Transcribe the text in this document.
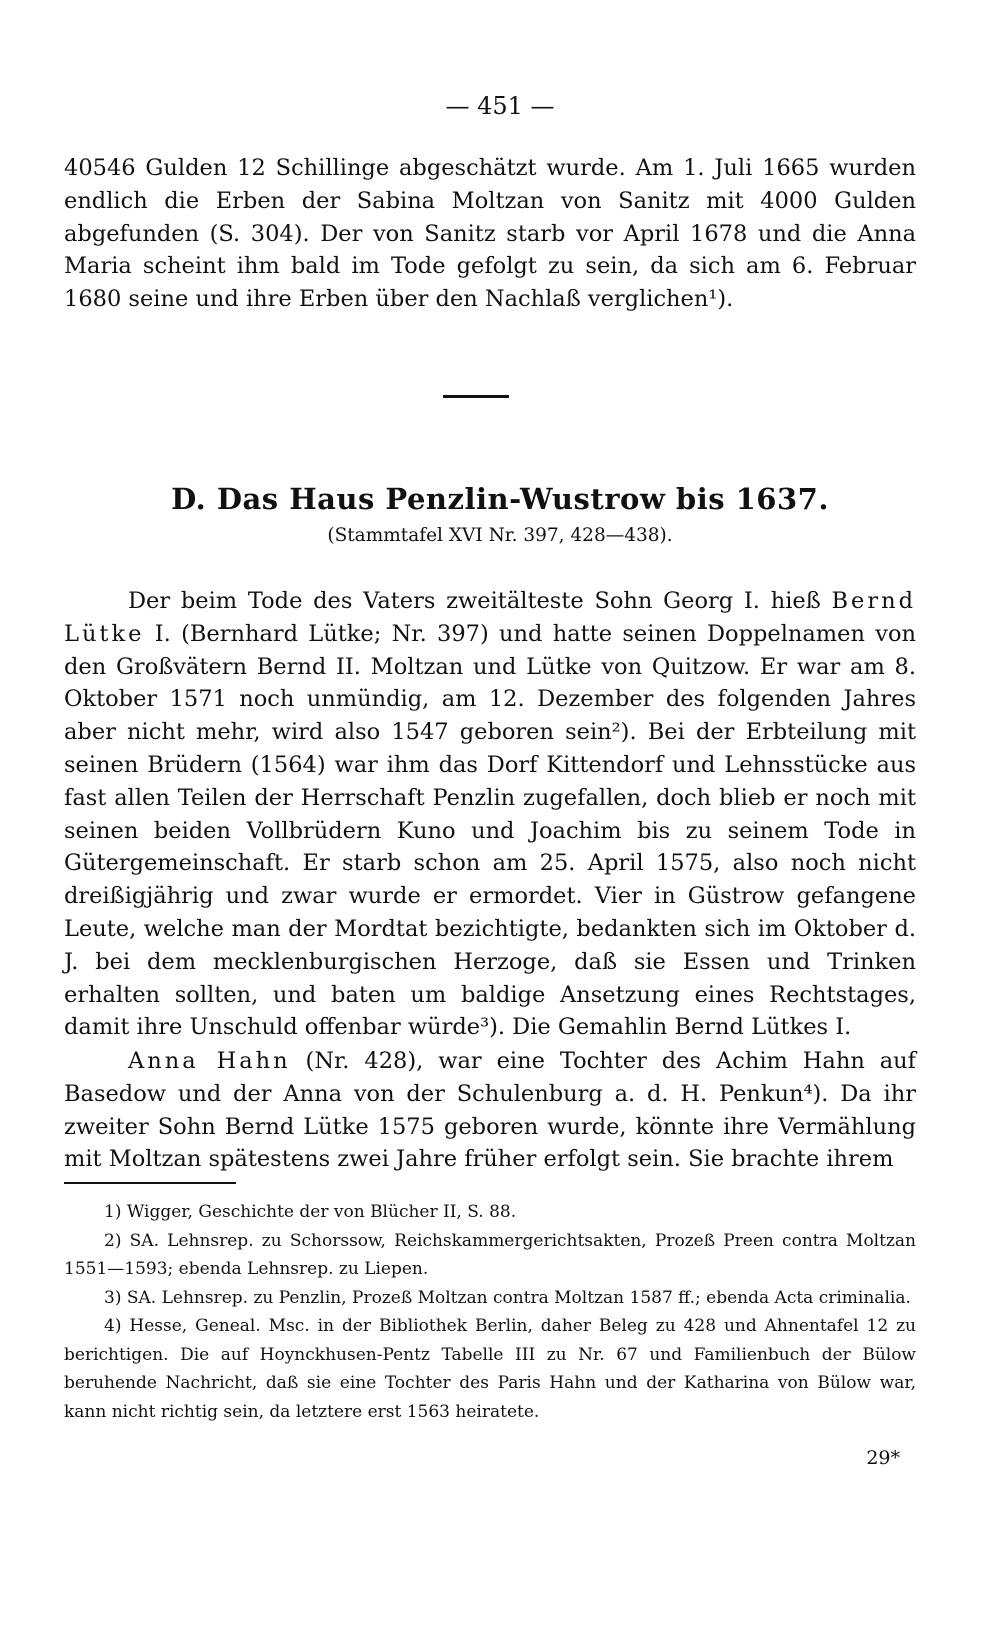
— 451 —

40546 Gulden 12 Schillinge abgeschätzt wurde. Am 1. Juli 1665 wurden endlich die Erben der Sabina Moltzan von Sanitz mit 4000 Gulden abgefunden (S. 304). Der von Sanitz starb vor April 1678 und die Anna Maria scheint ihm bald im Tode gefolgt zu sein, da sich am 6. Februar 1680 seine und ihre Erben über den Nachlaß verglichen¹).

D. Das Haus Penzlin-Wustrow bis 1637.
(Stammtafel XVI Nr. 397, 428—438).

Der beim Tode des Vaters zweitälteste Sohn Georg I. hieß Bernd Lütke I. (Bernhard Lütke; Nr. 397) und hatte seinen Doppelnamen von den Großvätern Bernd II. Moltzan und Lütke von Quitzow. Er war am 8. Oktober 1571 noch unmündig, am 12. Dezember des folgenden Jahres aber nicht mehr, wird also 1547 geboren sein²). Bei der Erbteilung mit seinen Brüdern (1564) war ihm das Dorf Kittendorf und Lehnsstücke aus fast allen Teilen der Herrschaft Penzlin zugefallen, doch blieb er noch mit seinen beiden Vollbrüdern Kuno und Joachim bis zu seinem Tode in Gütergemeinschaft. Er starb schon am 25. April 1575, also noch nicht dreißigjährig und zwar wurde er ermordet. Vier in Güstrow gefangene Leute, welche man der Mordtat bezichtigte, bedankten sich im Oktober d. J. bei dem mecklenburgischen Herzoge, daß sie Essen und Trinken erhalten sollten, und baten um baldige Ansetzung eines Rechtstages, damit ihre Unschuld offenbar würde³). Die Gemahlin Bernd Lütkes I.

Anna Hahn (Nr. 428), war eine Tochter des Achim Hahn auf Basedow und der Anna von der Schulenburg a. d. H. Penkun⁴). Da ihr zweiter Sohn Bernd Lütke 1575 geboren wurde, könnte ihre Vermählung mit Moltzan spätestens zwei Jahre früher erfolgt sein. Sie brachte ihrem

1) Wigger, Geschichte der von Blücher II, S. 88.

2) SA. Lehnsrep. zu Schorssow, Reichskammergerichtsakten, Prozeß Preen contra Moltzan 1551—1593; ebenda Lehnsrep. zu Liepen.

3) SA. Lehnsrep. zu Penzlin, Prozeß Moltzan contra Moltzan 1587 ff.; ebenda Acta criminalia.

4) Hesse, Geneal. Msc. in der Bibliothek Berlin, daher Beleg zu 428 und Ahnentafel 12 zu berichtigen. Die auf Hoynckhusen-Pentz Tabelle III zu Nr. 67 und Familienbuch der Bülow beruhende Nachricht, daß sie eine Tochter des Paris Hahn und der Katharina von Bülow war, kann nicht richtig sein, da letztere erst 1563 heiratete.

29*
